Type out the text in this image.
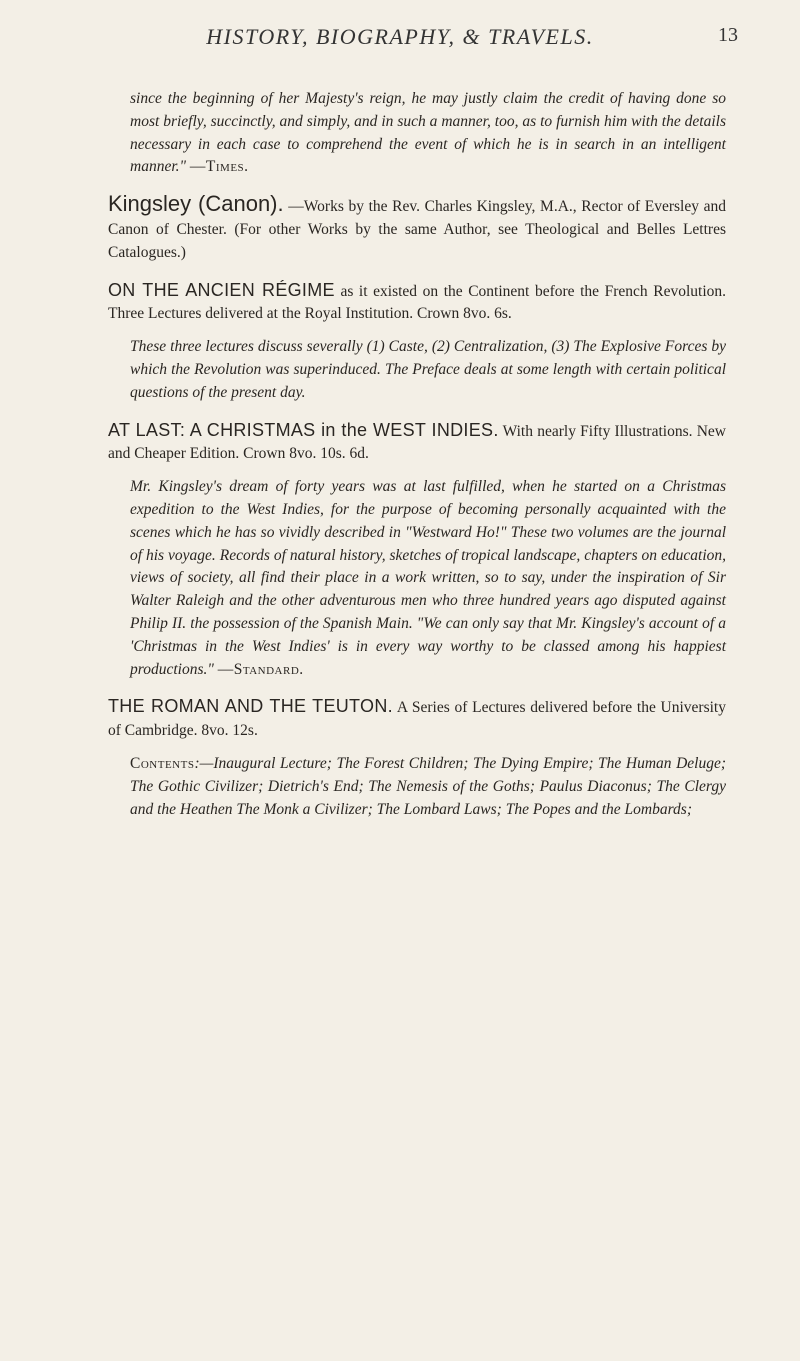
HISTORY, BIOGRAPHY, & TRAVELS.	13

since the beginning of her Majesty's reign, he may justly claim the credit of having done so most briefly, succinctly, and simply, and in such a manner, too, as to furnish him with the details necessary in each case to comprehend the event of which he is in search in an intelligent manner." —Times.

Kingsley (Canon). —Works by the Rev. Charles Kingsley, M.A., Rector of Eversley and Canon of Chester. (For other Works by the same Author, see Theological and Belles Lettres Catalogues.)

ON THE ANCIEN RÉGIME as it existed on the Continent before the French Revolution. Three Lectures delivered at the Royal Institution. Crown 8vo. 6s.

These three lectures discuss severally (1) Caste, (2) Centralization, (3) The Explosive Forces by which the Revolution was superinduced. The Preface deals at some length with certain political questions of the present day.

AT LAST: A CHRISTMAS in the WEST INDIES. With nearly Fifty Illustrations. New and Cheaper Edition. Crown 8vo. 10s. 6d.

Mr. Kingsley's dream of forty years was at last fulfilled, when he started on a Christmas expedition to the West Indies, for the purpose of becoming personally acquainted with the scenes which he has so vividly described in "Westward Ho!" These two volumes are the journal of his voyage. Records of natural history, sketches of tropical landscape, chapters on education, views of society, all find their place in a work written, so to say, under the inspiration of Sir Walter Raleigh and the other adventurous men who three hundred years ago disputed against Philip II. the possession of the Spanish Main. "We can only say that Mr. Kingsley's account of a 'Christmas in the West Indies' is in every way worthy to be classed among his happiest productions." —Standard.

THE ROMAN AND THE TEUTON. A Series of Lectures delivered before the University of Cambridge. 8vo. 12s.

Contents:—Inaugural Lecture; The Forest Children; The Dying Empire; The Human Deluge; The Gothic Civilizer; Dietrich's End; The Nemesis of the Goths; Paulus Diaconus; The Clergy and the Heathen The Monk a Civilizer; The Lombard Laws; The Popes and the Lombards;
